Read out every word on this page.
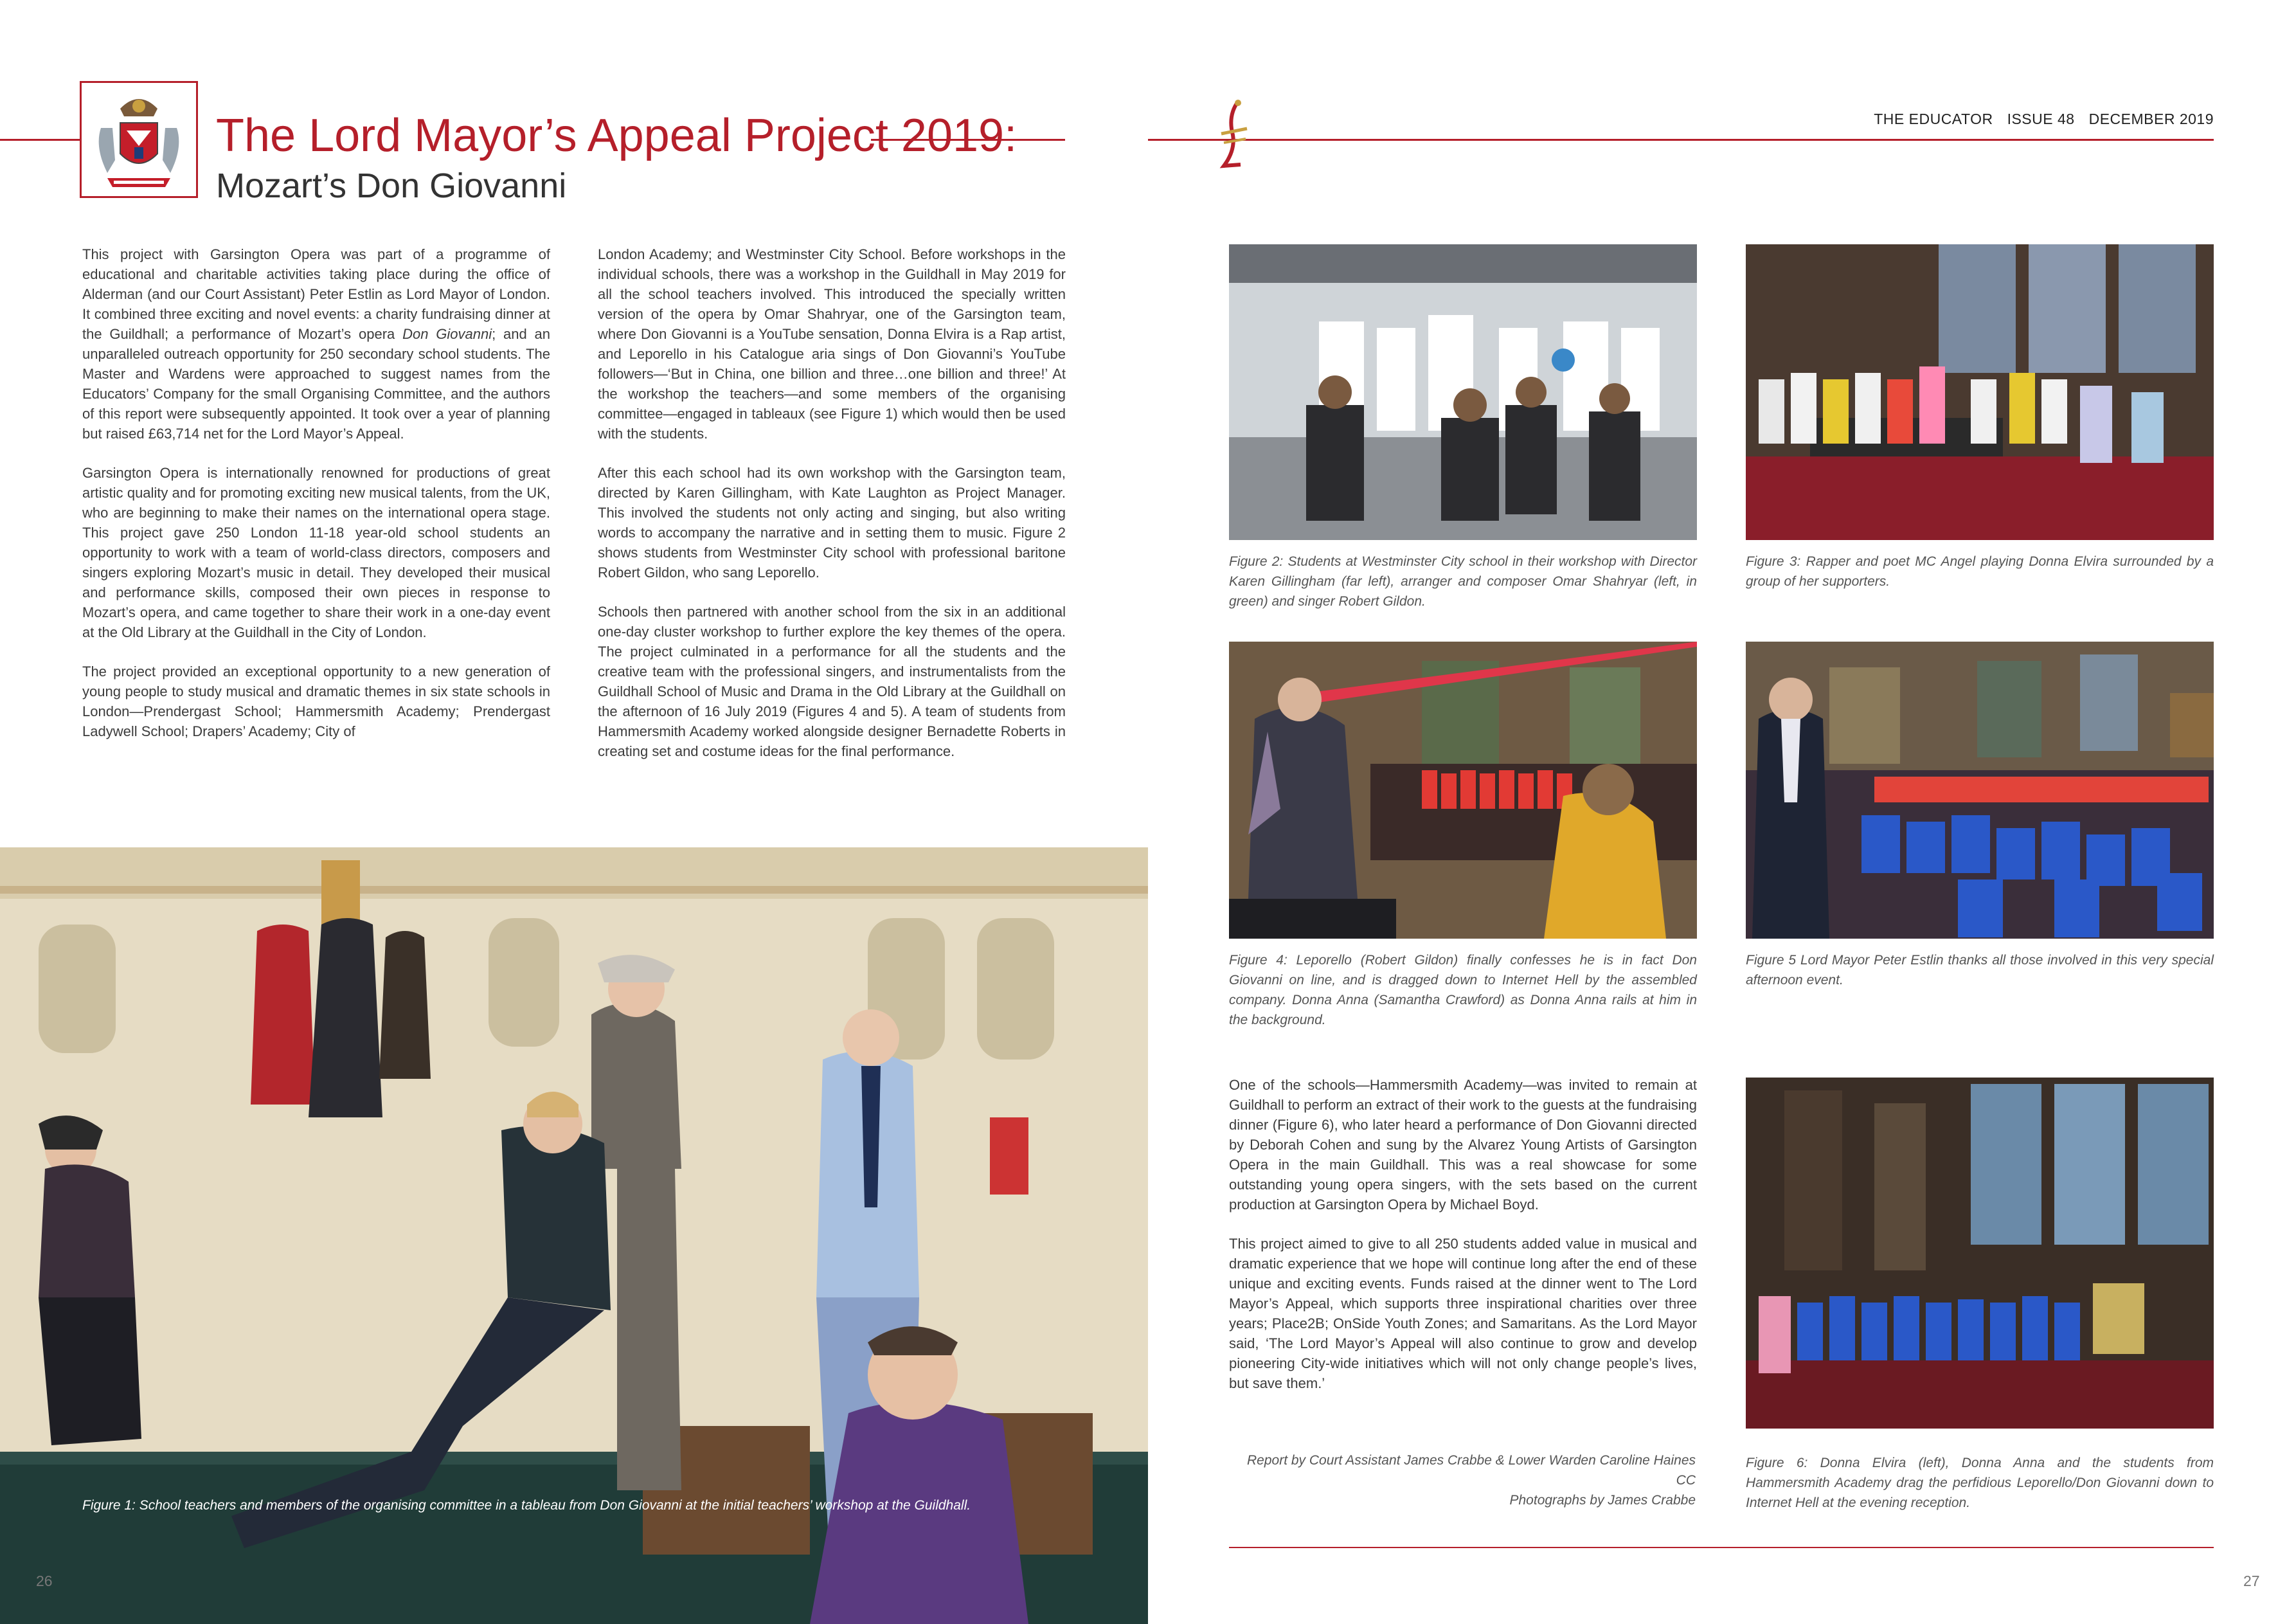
The Lord Mayor’s Appeal Project 2019:
Mozart’s Don Giovanni
THE EDUCATOR ISSUE 48 DECEMBER 2019

This project with Garsington Opera was part of a programme of educational and charitable activities taking place during the office of Alderman (and our Court Assistant) Peter Estlin as Lord Mayor of London. It combined three exciting and novel events: a charity fundraising dinner at the Guildhall; a performance of Mozart’s opera Don Giovanni; and an unparalleled outreach opportunity for 250 secondary school students. The Master and Wardens were approached to suggest names from the Educators’ Company for the small Organising Committee, and the authors of this report were subsequently appointed. It took over a year of planning but raised £63,714 net for the Lord Mayor’s Appeal.

Garsington Opera is internationally renowned for productions of great artistic quality and for promoting exciting new musical talents, from the UK, who are beginning to make their names on the international opera stage. This project gave 250 London 11-18 year-old school students an opportunity to work with a team of world-class directors, composers and singers exploring Mozart’s music in detail. They developed their musical and performance skills, composed their own pieces in response to Mozart’s opera, and came together to share their work in a one-day event at the Old Library at the Guildhall in the City of London.

The project provided an exceptional opportunity to a new generation of young people to study musical and dramatic themes in six state schools in London—Prendergast School; Hammersmith Academy; Prendergast Ladywell School; Drapers’ Academy; City of

London Academy; and Westminster City School. Before workshops in the individual schools, there was a workshop in the Guildhall in May 2019 for all the school teachers involved. This introduced the specially written version of the opera by Omar Shahryar, one of the Garsington team, where Don Giovanni is a YouTube sensation, Donna Elvira is a Rap artist, and Leporello in his Catalogue aria sings of Don Giovanni’s YouTube followers—‘But in China, one billion and three…one billion and three!’ At the workshop the teachers—and some members of the organising committee—engaged in tableaux (see Figure 1) which would then be used with the students.

After this each school had its own workshop with the Garsington team, directed by Karen Gillingham, with Kate Laughton as Project Manager. This involved the students not only acting and singing, but also writing words to accompany the narrative and in setting them to music. Figure 2 shows students from Westminster City school with professional baritone Robert Gildon, who sang Leporello.

Schools then partnered with another school from the six in an additional one-day cluster workshop to further explore the key themes of the opera. The project culminated in a performance for all the students and the creative team with the professional singers, and instrumentalists from the Guildhall School of Music and Drama in the Old Library at the Guildhall on the afternoon of 16 July 2019 (Figures 4 and 5). A team of students from Hammersmith Academy worked alongside designer Bernadette Roberts in creating set and costume ideas for the final performance.

Figure 1: School teachers and members of the organising committee in a tableau from Don Giovanni at the initial teachers’ workshop at the Guildhall.
26
Figure 2: Students at Westminster City school in their workshop with Director Karen Gillingham (far left), arranger and composer Omar Shahryar (left, in green) and singer Robert Gildon.
Figure 3: Rapper and poet MC Angel playing Donna Elvira surrounded by a group of her supporters.
Figure 4: Leporello (Robert Gildon) finally confesses he is in fact Don Giovanni on line, and is dragged down to Internet Hell by the assembled company. Donna Anna (Samantha Crawford) as Donna Anna rails at him in the background.
Figure 5 Lord Mayor Peter Estlin thanks all those involved in this very special afternoon event.

One of the schools—Hammersmith Academy—was invited to remain at Guildhall to perform an extract of their work to the guests at the fundraising dinner (Figure 6), who later heard a performance of Don Giovanni directed by Deborah Cohen and sung by the Alvarez Young Artists of Garsington Opera in the main Guildhall. This was a real showcase for some outstanding young opera singers, with the sets based on the current production at Garsington Opera by Michael Boyd.

This project aimed to give to all 250 students added value in musical and dramatic experience that we hope will continue long after the end of these unique and exciting events. Funds raised at the dinner went to The Lord Mayor’s Appeal, which supports three inspirational charities over three years; Place2B; OnSide Youth Zones; and Samaritans. As the Lord Mayor said, ‘The Lord Mayor’s Appeal will also continue to grow and develop pioneering City-wide initiatives which will not only change people’s lives, but save them.’

Report by Court Assistant James Crabbe & Lower Warden Caroline Haines CC
Photographs by James Crabbe
Figure 6: Donna Elvira (left), Donna Anna and the students from Hammersmith Academy drag the perfidious Leporello/Don Giovanni down to Internet Hell at the evening reception.
27
